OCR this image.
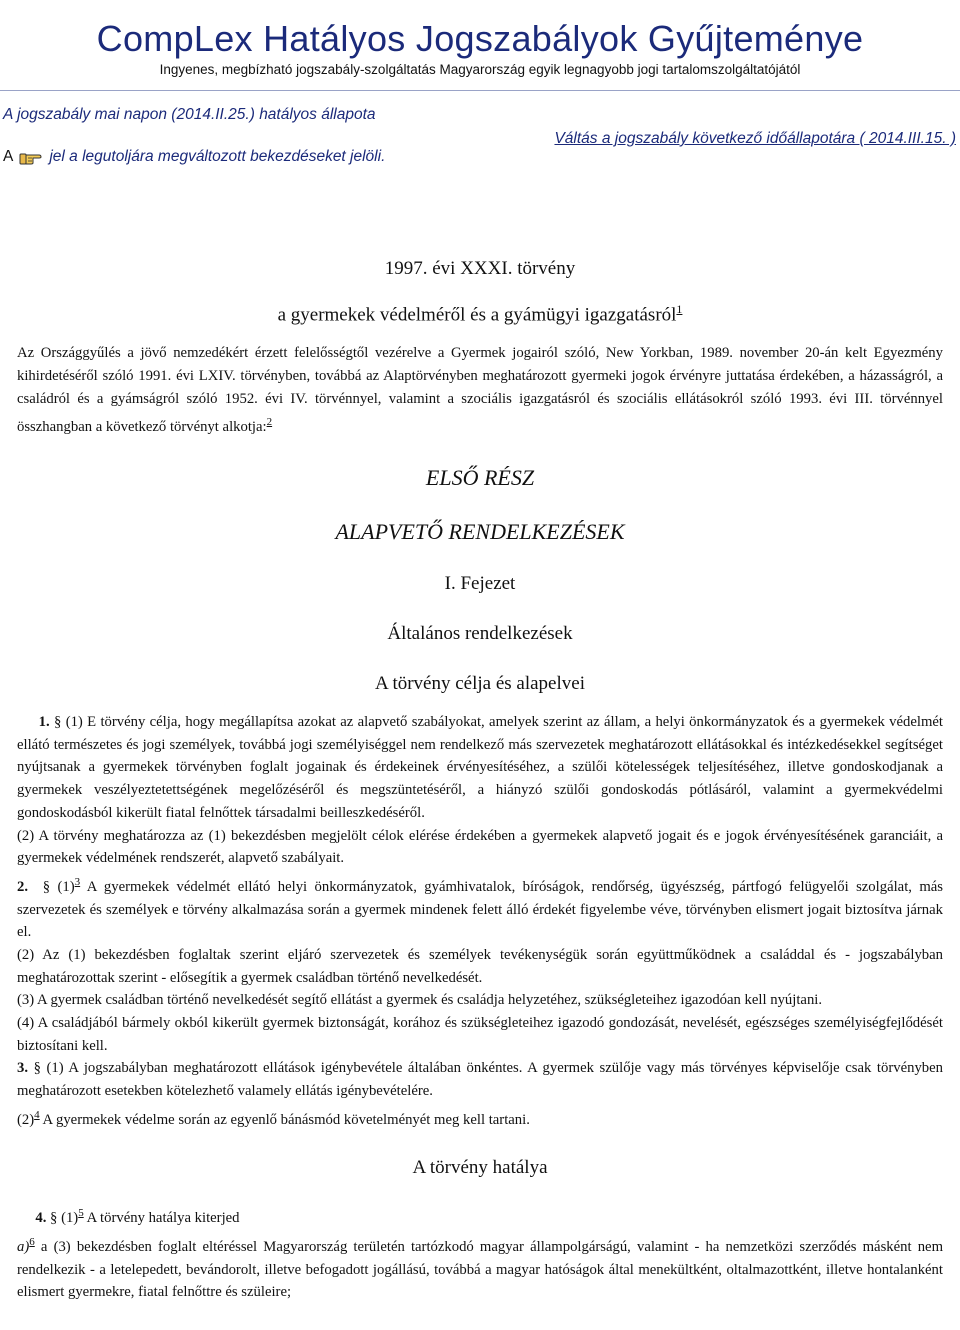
CompLex Hatályos Jogszabályok Gyűjteménye
Ingyenes, megbízható jogszabály-szolgáltatás Magyarország egyik legnagyobb jogi tartalomszolgáltatójától
A jogszabály mai napon (2014.II.25.) hatályos állapota
A jel a legutoljára megváltozott bekezdéseket jelöli.
Váltás a jogszabály következő időállapotára ( 2014.III.15. )
1997. évi XXXI. törvény
a gyermekek védelméről és a gyámügyi igazgatásról$^1$

Az Országgyűlés a jövő nemzedékért érzett felelősségtől vezérelve a Gyermek jogairól szóló, New Yorkban, 1989. november 20-án kelt Egyezmény kihirdetéséről szóló 1991. évi LXIV. törvényben, továbbá az Alaptörvényben meghatározott gyermeki jogok érvényre juttatása érdekében, a házasságról, a családról és a gyámságról szóló 1952. évi IV. törvénnyel, valamint a szociális igazgatásról és szociális ellátásokról szóló 1993. évi III. törvénnyel összhangban a következő törvényt alkotja:$^2$

ELSŐ RÉSZ
ALAPVETŐ RENDELKEZÉSEK
I. Fejezet
Általános rendelkezések
A törvény célja és alapelvei

1. § (1) E törvény célja, hogy megállapítsa azokat az alapvető szabályokat, amelyek szerint az állam, a helyi önkormányzatok és a gyermekek védelmét ellátó természetes és jogi személyek, továbbá jogi személyiséggel nem rendelkező más szervezetek meghatározott ellátásokkal és intézkedésekkel segítséget nyújtsanak a gyermekek törvényben foglalt jogainak és érdekeinek érvényesítéséhez, a szülői kötelességek teljesítéséhez, illetve gondoskodjanak a gyermekek veszélyeztetettségének megelőzéséről és megszüntetéséről, a hiányzó szülői gondoskodás pótlásáról, valamint a gyermekvédelmi gondoskodásból kikerült fiatal felnőttek társadalmi beilleszkedéséről.

(2) A törvény meghatározza az (1) bekezdésben megjelölt célok elérése érdekében a gyermekek alapvető jogait és e jogok érvényesítésének garanciáit, a gyermekek védelmének rendszerét, alapvető szabályait.

2. § $(1)^3$ A gyermekek védelmét ellátó helyi önkormányzatok, gyámhivatalok, bíróságok, rendőrség, ügyészség, pártfogó felügyelői szolgálat, más szervezetek és személyek e törvény alkalmazása során a gyermek mindenek felett álló érdekét figyelembe véve, törvényben elismert jogait biztosítva járnak el.

(2) Az (1) bekezdésben foglaltak szerint eljáró szervezetek és személyek tevékenységük során együttműködnek a családdal és - jogszabályban meghatározottak szerint - elősegítik a gyermek családban történő nevelkedését.

(3) A gyermek családban történő nevelkedését segítő ellátást a gyermek és családja helyzetéhez, szükségleteihez igazodóan kell nyújtani.

(4) A családjából bármely okból kikerült gyermek biztonságát, korához és szükségleteihez igazodó gondozását, nevelését, egészséges személyiségfejlődését biztosítani kell.

3. § (1) A jogszabályban meghatározott ellátások igénybevétele általában önkéntes. A gyermek szülője vagy más törvényes képviselője csak törvényben meghatározott esetekben kötelezhető valamely ellátás igénybevételére.

$(2)^4$ A gyermekek védelme során az egyenlő bánásmód követelményét meg kell tartani.

A törvény hatálya

4. § $(1)^5$ A törvény hatálya kiterjed

a)$^6$ a (3) bekezdésben foglalt eltéréssel Magyarország területén tartózkodó magyar állampolgárságú, valamint - ha nemzetközi szerződés másként nem rendelkezik - a letelepedett, bevándorolt, illetve befogadott jogállású, továbbá a magyar hatóságok által menekültként, oltalmazottként, illetve hontalanként elismert gyermekre, fiatal felnőttre és szüleire;
